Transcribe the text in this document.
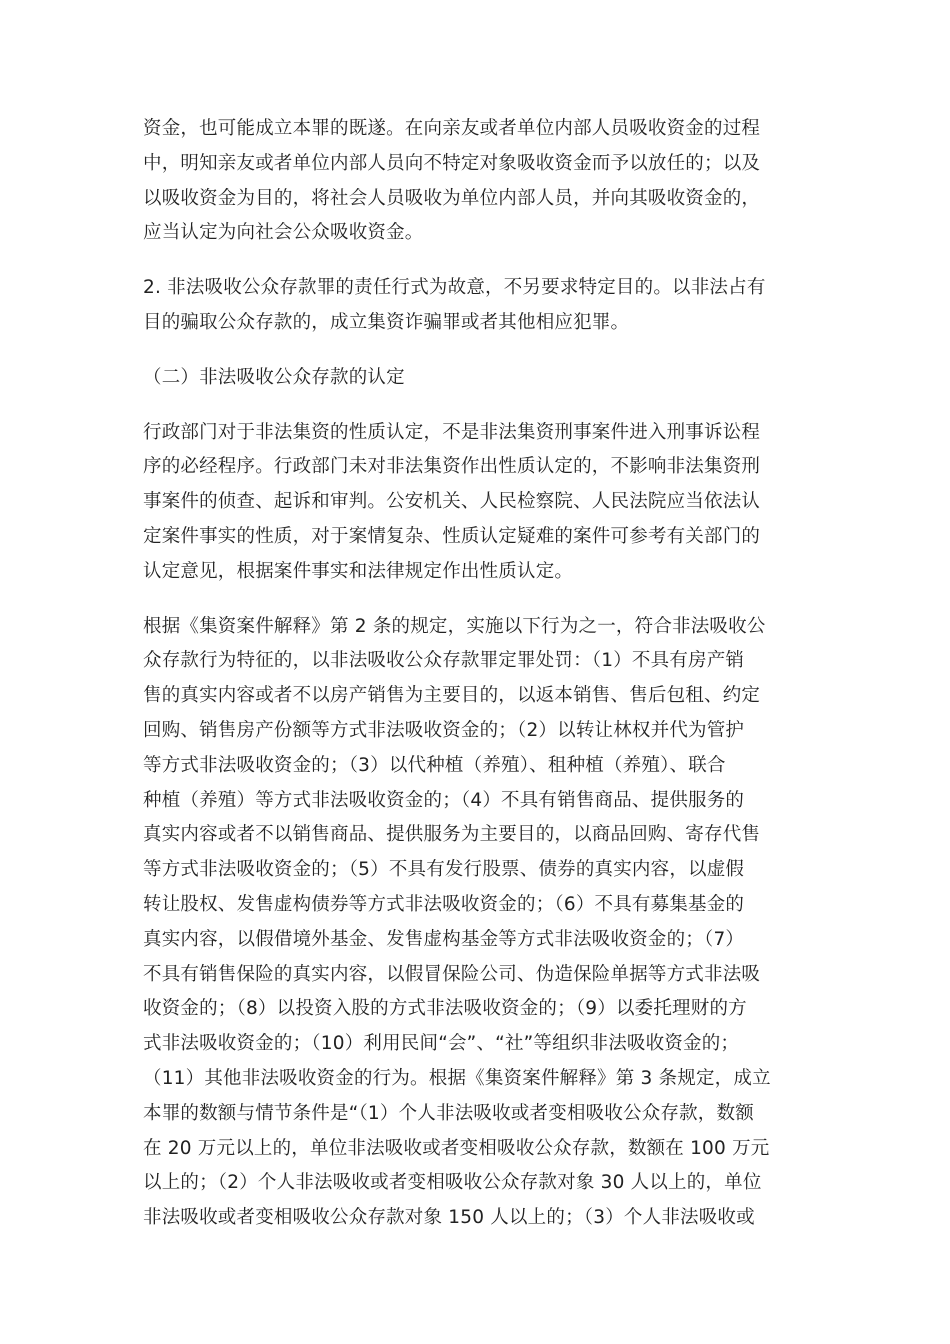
资金，也可能成立本罪的既遂。在向亲友或者单位内部人员吸收资金的过程
中，明知亲友或者单位内部人员向不特定对象吸收资金而予以放任的；以及
以吸收资金为目的，将社会人员吸收为单位内部人员，并向其吸收资金的，
应当认定为向社会公众吸收资金。
2. 非法吸收公众存款罪的责任行式为故意，不另要求特定目的。以非法占有
目的骗取公众存款的，成立集资诈骗罪或者其他相应犯罪。
（二）非法吸收公众存款的认定
行政部门对于非法集资的性质认定，不是非法集资刑事案件进入刑事诉讼程
序的必经程序。行政部门未对非法集资作出性质认定的，不影响非法集资刑
事案件的侦查、起诉和审判。公安机关、人民检察院、人民法院应当依法认
定案件事实的性质，对于案情复杂、性质认定疑难的案件可参考有关部门的
认定意见，根据案件事实和法律规定作出性质认定。
根据《集资案件解释》第 2 条的规定，实施以下行为之一，符合非法吸收公
众存款行为特征的，以非法吸收公众存款罪定罪处罚：（1）不具有房产销
售的真实内容或者不以房产销售为主要目的，以返本销售、售后包租、约定
回购、销售房产份额等方式非法吸收资金的；（2）以转让林权并代为管护
等方式非法吸收资金的；（3）以代种植（养殖）、租种植（养殖）、联合
种植（养殖）等方式非法吸收资金的；（4）不具有销售商品、提供服务的
真实内容或者不以销售商品、提供服务为主要目的，以商品回购、寄存代售
等方式非法吸收资金的；（5）不具有发行股票、债券的真实内容，以虚假
转让股权、发售虚构债券等方式非法吸收资金的；（6）不具有募集基金的
真实内容，以假借境外基金、发售虚构基金等方式非法吸收资金的；（7）
不具有销售保险的真实内容，以假冒保险公司、伪造保险单据等方式非法吸
收资金的；（8）以投资入股的方式非法吸收资金的；（9）以委托理财的方
式非法吸收资金的；（10）利用民间“会”、“社”等组织非法吸收资金的；
（11）其他非法吸收资金的行为。根据《集资案件解释》第 3 条规定，成立
本罪的数额与情节条件是“（1）个人非法吸收或者变相吸收公众存款，数额
在 20 万元以上的，单位非法吸收或者变相吸收公众存款，数额在 100 万元
以上的；（2）个人非法吸收或者变相吸收公众存款对象 30 人以上的，单位
非法吸收或者变相吸收公众存款对象 150 人以上的；（3）个人非法吸收或
